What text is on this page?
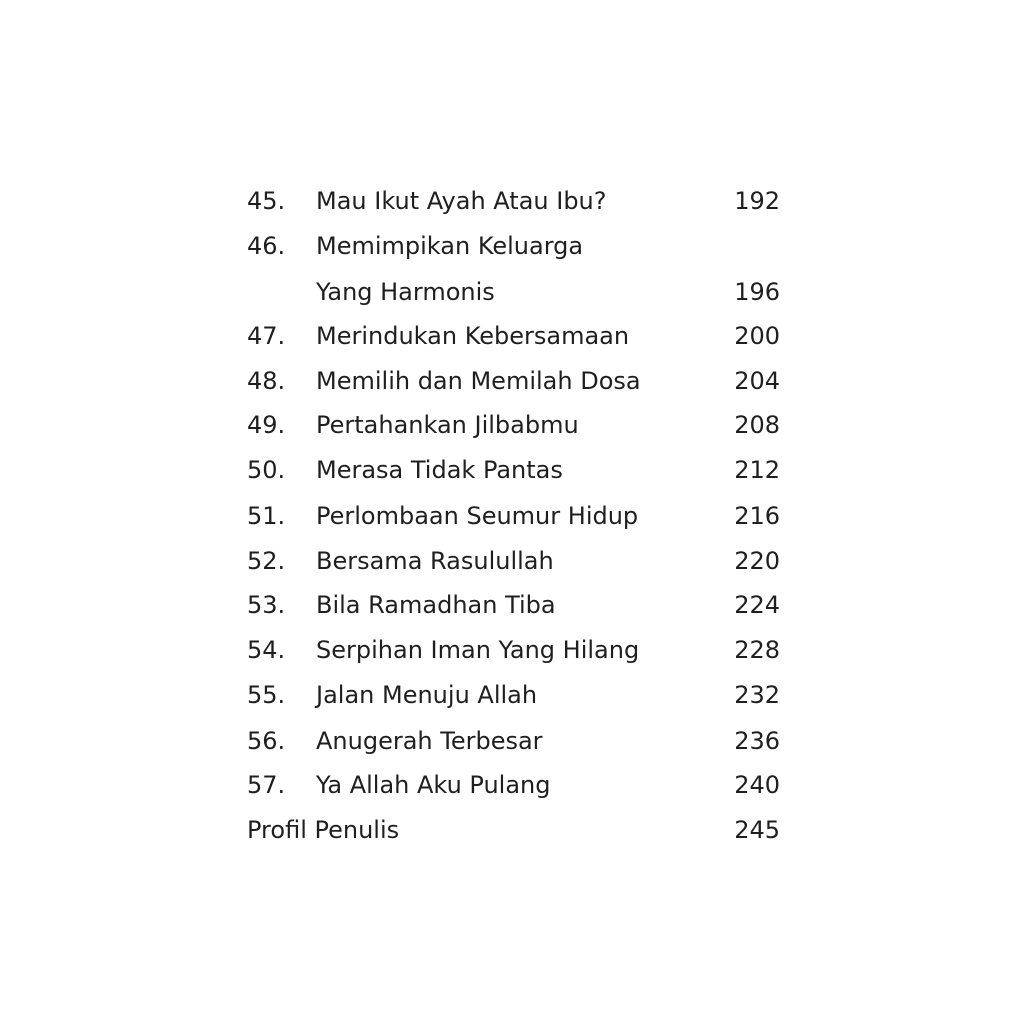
45. Mau Ikut Ayah Atau Ibu?	192
46. Memimpikan Keluarga
Yang Harmonis	196
47. Merindukan Kebersamaan	200
48. Memilih dan Memilah Dosa	204
49. Pertahankan Jilbabmu	208
50. Merasa Tidak Pantas	212
51. Perlombaan Seumur Hidup	216
52. Bersama Rasulullah	220
53. Bila Ramadhan Tiba	224
54. Serpihan Iman Yang Hilang	228
55. Jalan Menuju Allah	232
56. Anugerah Terbesar	236
57. Ya Allah Aku Pulang	240
Profil Penulis	245
